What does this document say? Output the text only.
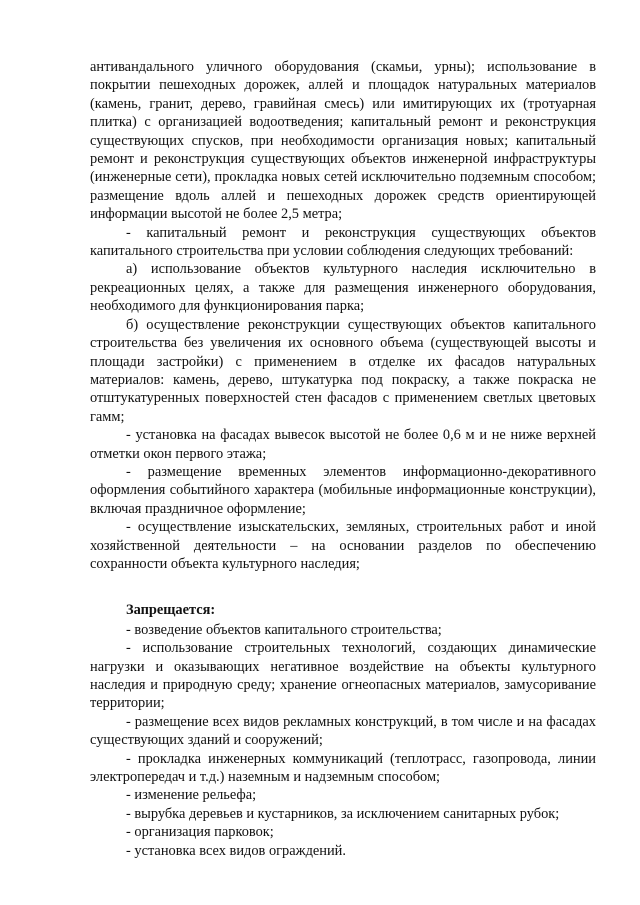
антивандального уличного оборудования (скамьи, урны); использование в покрытии пешеходных дорожек, аллей и площадок натуральных материалов (камень, гранит, дерево, гравийная смесь) или имитирующих их (тротуарная плитка) с организацией водоотведения; капитальный ремонт и реконструкция существующих спусков, при необходимости организация новых; капитальный ремонт и реконструкция существующих объектов инженерной инфраструктуры (инженерные сети), прокладка новых сетей исключительно подземным способом; размещение вдоль аллей и пешеходных дорожек средств ориентирующей информации высотой не более 2,5 метра;

- капитальный ремонт и реконструкция существующих объектов капитального строительства при условии соблюдения следующих требований:

а) использование объектов культурного наследия исключительно в рекреационных целях, а также для размещения инженерного оборудования, необходимого для функционирования парка;

б) осуществление реконструкции существующих объектов капитального строительства без увеличения их основного объема (существующей высоты и площади застройки) с применением в отделке их фасадов натуральных материалов: камень, дерево, штукатурка под покраску, а также покраска не отштукатуренных поверхностей стен фасадов с применением светлых цветовых гамм;

- установка на фасадах вывесок высотой не более 0,6 м и не ниже верхней отметки окон первого этажа;

- размещение временных элементов информационно-декоративного оформления событийного характера (мобильные информационные конструкции), включая праздничное оформление;

- осуществление изыскательских, земляных, строительных работ и иной хозяйственной деятельности – на основании разделов по обеспечению сохранности объекта культурного наследия;

Запрещается:

- возведение объектов капитального строительства;

- использование строительных технологий, создающих динамические нагрузки и оказывающих негативное воздействие на объекты культурного наследия и природную среду; хранение огнеопасных материалов, замусоривание территории;

- размещение всех видов рекламных конструкций, в том числе и на фасадах существующих зданий и сооружений;

- прокладка инженерных коммуникаций (теплотрасс, газопровода, линии электропередач и т.д.) наземным и надземным способом;

- изменение рельефа;

- вырубка деревьев и кустарников, за исключением санитарных рубок;

- организация парковок;

- установка всех видов ограждений.
